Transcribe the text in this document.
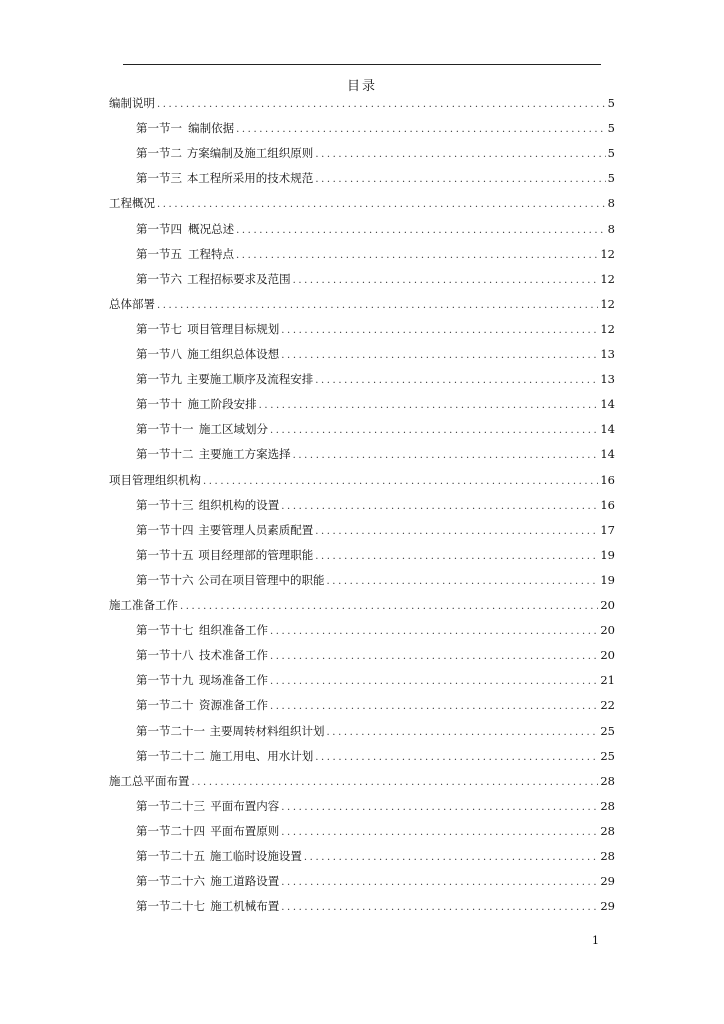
目录
编制说明 .....	5
第一节一 编制依据 .....	5
第一节二 方案编制及施工组织原则 .....	5
第一节三 本工程所采用的技术规范 .....	5
工程概况 .....	8
第一节四 概况总述 .....	8
第一节五 工程特点 .....	12
第一节六 工程招标要求及范围 .....	12
总体部署 .....	12
第一节七 项目管理目标规划 .....	12
第一节八 施工组织总体设想 .....	13
第一节九 主要施工顺序及流程安排 .....	13
第一节十 施工阶段安排 .....	14
第一节十一 施工区域划分 .....	14
第一节十二 主要施工方案选择 .....	14
项目管理组织机构 .....	16
第一节十三 组织机构的设置 .....	16
第一节十四 主要管理人员素质配置 .....	17
第一节十五 项目经理部的管理职能 .....	19
第一节十六 公司在项目管理中的职能 .....	19
施工准备工作 .....	20
第一节十七 组织准备工作 .....	20
第一节十八 技术准备工作 .....	20
第一节十九 现场准备工作 .....	21
第一节二十 资源准备工作 .....	22
第一节二十一 主要周转材料组织计划 .....	25
第一节二十二 施工用电、用水计划 .....	25
施工总平面布置 .....	28
第一节二十三 平面布置内容 .....	28
第一节二十四 平面布置原则 .....	28
第一节二十五 施工临时设施设置 .....	28
第一节二十六 施工道路设置 .....	29
第一节二十七 施工机械布置 .....	29
1
